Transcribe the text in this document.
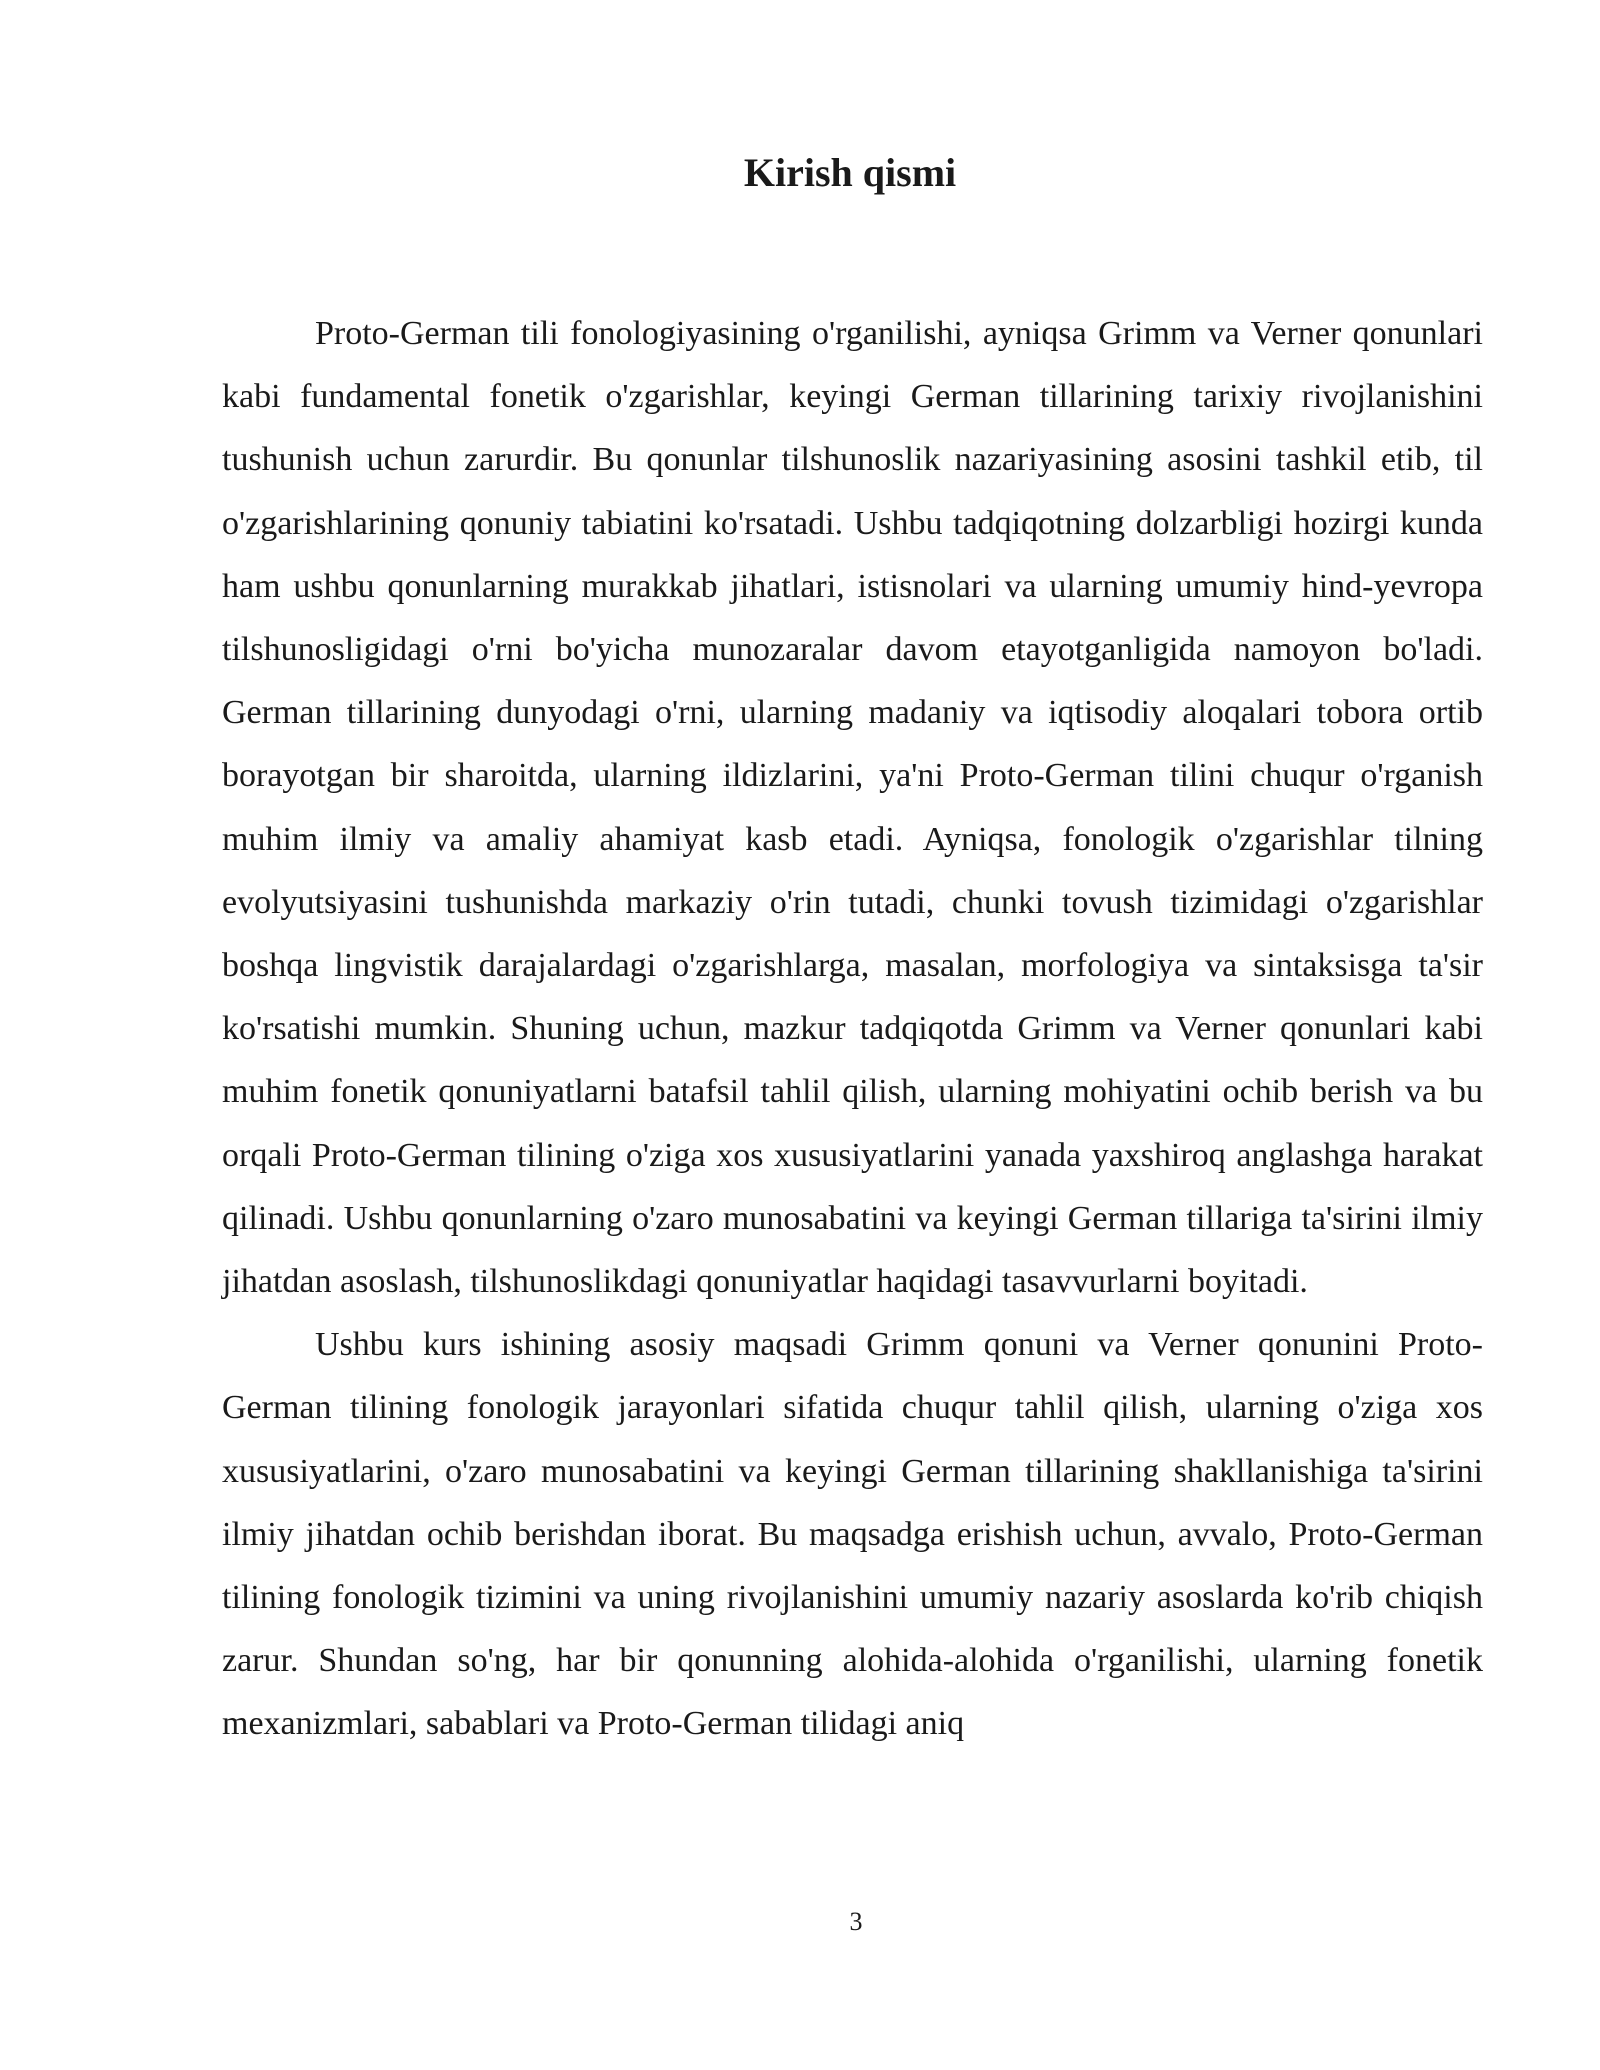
Kirish qismi

Proto-German tili fonologiyasining o'rganilishi, ayniqsa Grimm va Verner qonunlari kabi fundamental fonetik o'zgarishlar, keyingi German tillarining tarixiy rivojlanishini tushunish uchun zarurdir. Bu qonunlar tilshunoslik nazariyasining asosini tashkil etib, til o'zgarishlarining qonuniy tabiatini ko'rsatadi. Ushbu tadqiqotning dolzarbligi hozirgi kunda ham ushbu qonunlarning murakkab jihatlari, istisnolari va ularning umumiy hind-yevropa tilshunosligidagi o'rni bo'yicha munozaralar davom etayotganligida namoyon bo'ladi. German tillarining dunyodagi o'rni, ularning madaniy va iqtisodiy aloqalari tobora ortib borayotgan bir sharoitda, ularning ildizlarini, ya'ni Proto-German tilini chuqur o'rganish muhim ilmiy va amaliy ahamiyat kasb etadi. Ayniqsa, fonologik o'zgarishlar tilning evolyutsiyasini tushunishda markaziy o'rin tutadi, chunki tovush tizimidagi o'zgarishlar boshqa lingvistik darajalardagi o'zgarishlarga, masalan, morfologiya va sintaksisga ta'sir ko'rsatishi mumkin. Shuning uchun, mazkur tadqiqotda Grimm va Verner qonunlari kabi muhim fonetik qonuniyatlarni batafsil tahlil qilish, ularning mohiyatini ochib berish va bu orqali Proto-German tilining o'ziga xos xususiyatlarini yanada yaxshiroq anglashga harakat qilinadi. Ushbu qonunlarning o'zaro munosabatini va keyingi German tillariga ta'sirini ilmiy jihatdan asoslash, tilshunoslikdagi qonuniyatlar haqidagi tasavvurlarni boyitadi.

Ushbu kurs ishining asosiy maqsadi Grimm qonuni va Verner qonunini Proto-German tilining fonologik jarayonlari sifatida chuqur tahlil qilish, ularning o'ziga xos xususiyatlarini, o'zaro munosabatini va keyingi German tillarining shakllanishiga ta'sirini ilmiy jihatdan ochib berishdan iborat. Bu maqsadga erishish uchun, avvalo, Proto-German tilining fonologik tizimini va uning rivojlanishini umumiy nazariy asoslarda ko'rib chiqish zarur. Shundan so'ng, har bir qonunning alohida-alohida o'rganilishi, ularning fonetik mexanizmlari, sabablari va Proto-German tilidagi aniq

3
